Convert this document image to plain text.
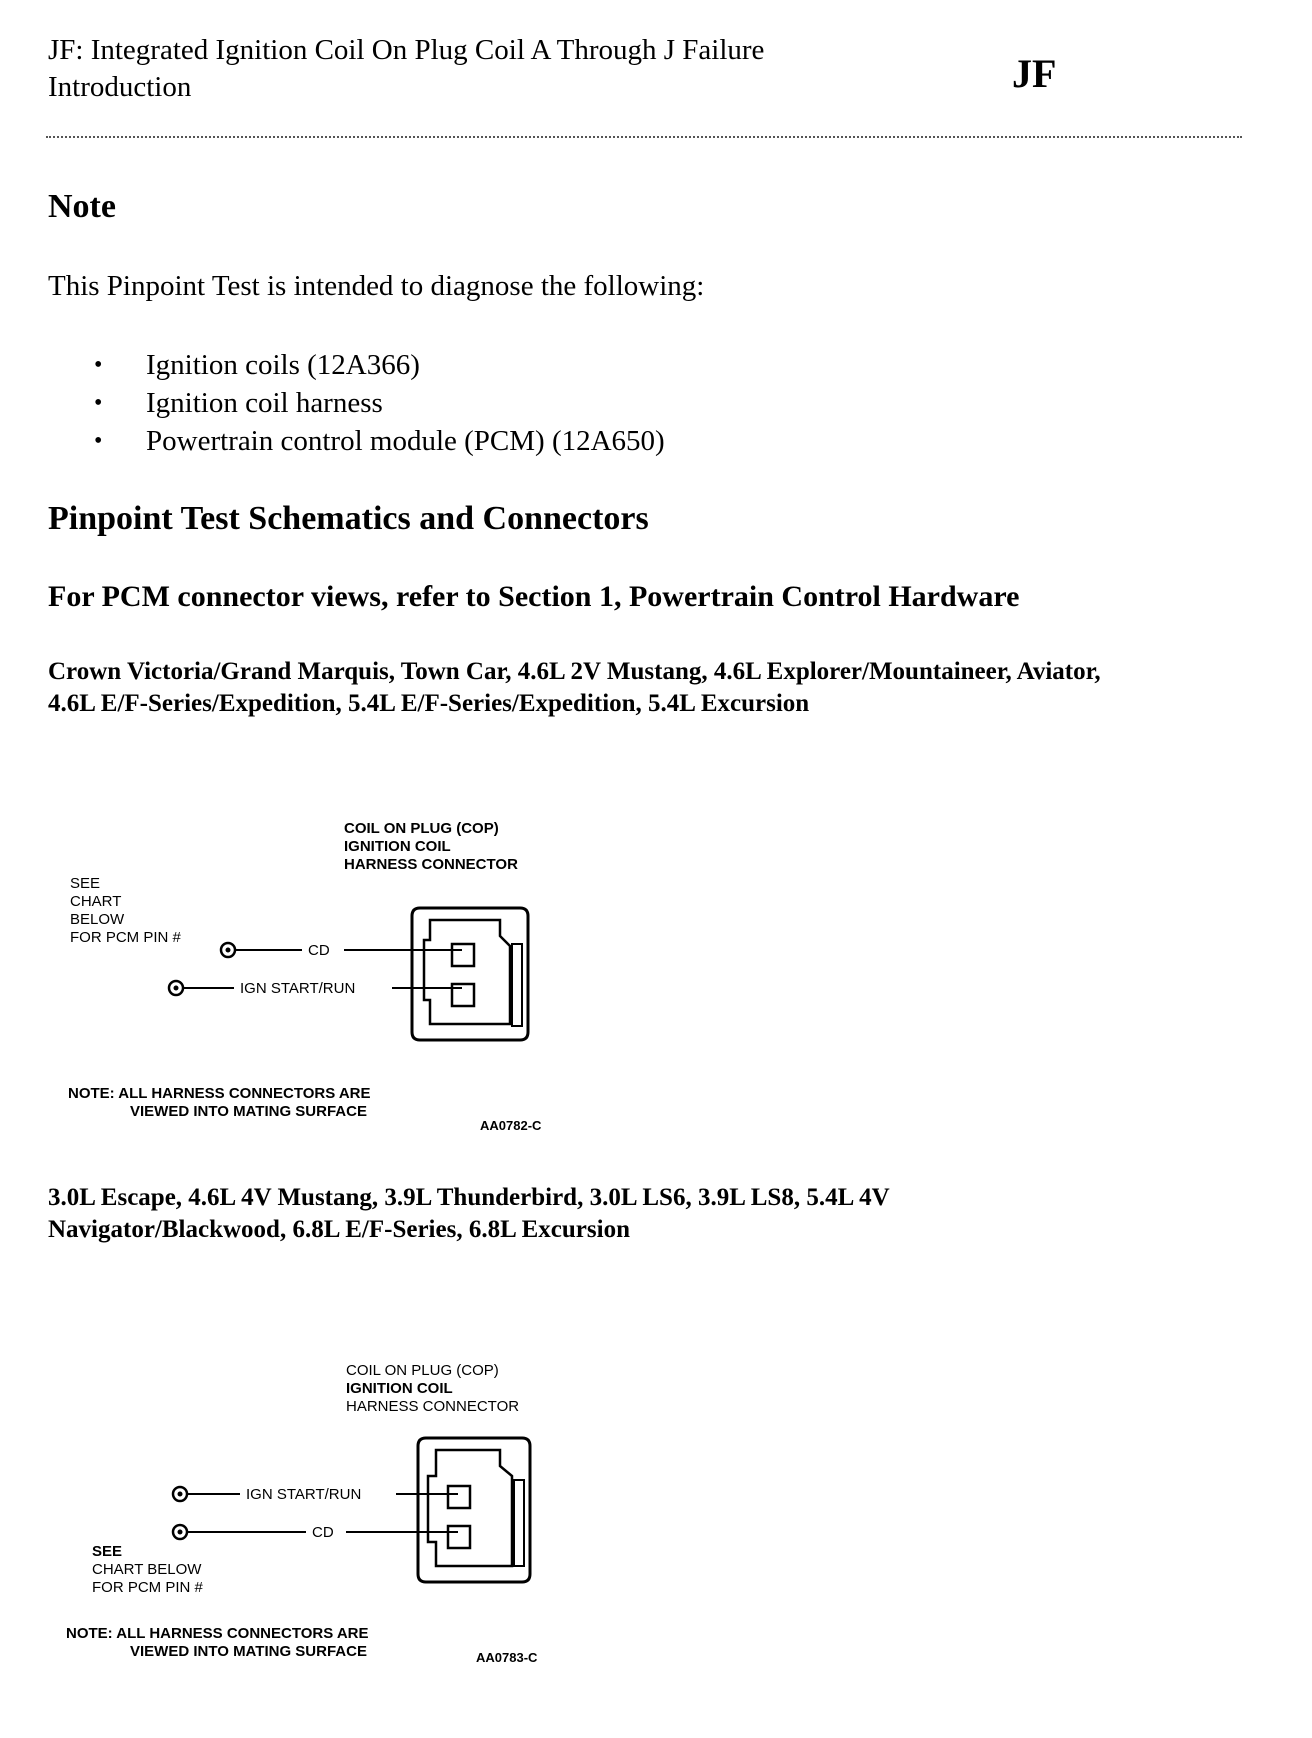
JF: Integrated Ignition Coil On Plug Coil A Through J Failure
Introduction	JF
Note
This Pinpoint Test is intended to diagnose the following:
• Ignition coils (12A366)
• Ignition coil harness
• Powertrain control module (PCM) (12A650)
Pinpoint Test Schematics and Connectors
For PCM connector views, refer to Section 1, Powertrain Control Hardware
Crown Victoria/Grand Marquis, Town Car, 4.6L 2V Mustang, 4.6L Explorer/Mountaineer, Aviator,
4.6L E/F-Series/Expedition, 5.4L E/F-Series/Expedition, 5.4L Excursion
COIL ON PLUG (COP)
IGNITION COIL
HARNESS CONNECTOR
SEE
CHART
BELOW
FOR PCM PIN #
CD
IGN START/RUN
NOTE: ALL HARNESS CONNECTORS ARE
VIEWED INTO MATING SURFACE
AA0782-C
3.0L Escape, 4.6L 4V Mustang, 3.9L Thunderbird, 3.0L LS6, 3.9L LS8, 5.4L 4V
Navigator/Blackwood, 6.8L E/F-Series, 6.8L Excursion
COIL ON PLUG (COP)
IGNITION COIL
HARNESS CONNECTOR
IGN START/RUN
CD
SEE
CHART BELOW
FOR PCM PIN #
NOTE: ALL HARNESS CONNECTORS ARE
VIEWED INTO MATING SURFACE	AA0783-C
